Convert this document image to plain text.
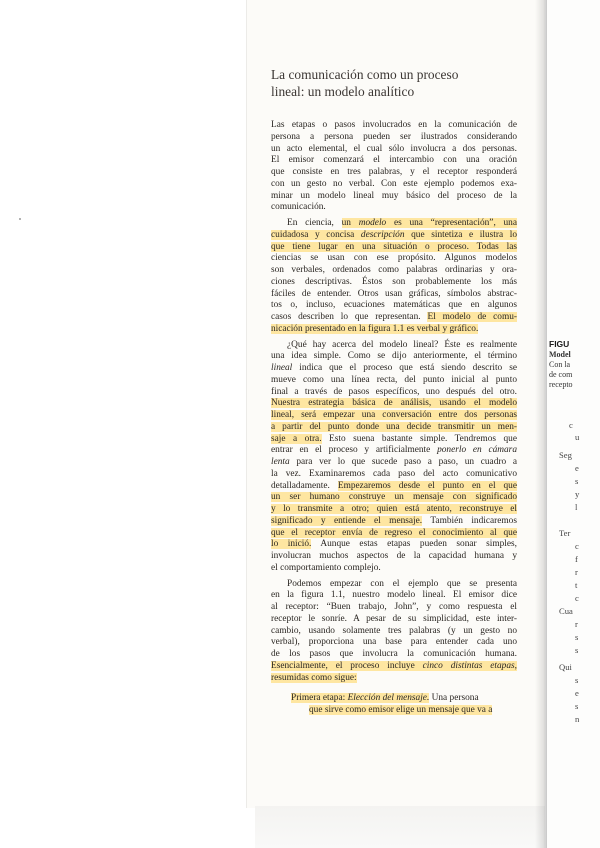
La comunicación como un proceso
lineal: un modelo analítico
Las etapas o pasos involucrados en la comunicación de
persona a persona pueden ser ilustrados considerando
un acto elemental, el cual sólo involucra a dos personas.
El emisor comenzará el intercambio con una oración
que consiste en tres palabras, y el receptor responderá
con un gesto no verbal. Con este ejemplo podemos exa-
minar un modelo lineal muy básico del proceso de la
comunicación.
En ciencia, un modelo es una “representación”, una
cuidadosa y concisa descripción que sintetiza e ilustra lo
que tiene lugar en una situación o proceso. Todas las
ciencias se usan con ese propósito. Algunos modelos
son verbales, ordenados como palabras ordinarias y ora-
ciones descriptivas. Éstos son probablemente los más
fáciles de entender. Otros usan gráficas, símbolos abstrac-
tos o, incluso, ecuaciones matemáticas que en algunos
casos describen lo que representan. El modelo de comu-
nicación presentado en la figura 1.1 es verbal y gráfico.
¿Qué hay acerca del modelo lineal? Éste es realmente
una idea simple. Como se dijo anteriormente, el término
lineal indica que el proceso que está siendo descrito se
mueve como una línea recta, del punto inicial al punto
final a través de pasos específicos, uno después del otro.
Nuestra estrategia básica de análisis, usando el modelo
lineal, será empezar una conversación entre dos personas
a partir del punto donde una decide transmitir un men-
saje a otra. Esto suena bastante simple. Tendremos que
entrar en el proceso y artificialmente ponerlo en cámara
lenta para ver lo que sucede paso a paso, un cuadro a
la vez. Examinaremos cada paso del acto comunicativo
detalladamente. Empezaremos desde el punto en el que
un ser humano construye un mensaje con significado
y lo transmite a otro; quien está atento, reconstruye el
significado y entiende el mensaje. También indicaremos
que el receptor envía de regreso el conocimiento al que
lo inició. Aunque estas etapas pueden sonar simples,
involucran muchos aspectos de la capacidad humana y
el comportamiento complejo.
Podemos empezar con el ejemplo que se presenta
en la figura 1.1, nuestro modelo lineal. El emisor dice
al receptor: “Buen trabajo, John”, y como respuesta el
receptor le sonríe. A pesar de su simplicidad, este inter-
cambio, usando solamente tres palabras (y un gesto no
verbal), proporciona una base para entender cada uno
de los pasos que involucra la comunicación humana.
Esencialmente, el proceso incluye cinco distintas etapas,
resumidas como sigue:
Primera etapa: Elección del mensaje. Una persona
que sirve como emisor elige un mensaje que va a
FIGU
Model
Con la
de com
recepto
c
u
Seg
e
s
y
l
Ter
c
f
r
t
c
Cua
r
s
s
Qui
s
e
s
n
